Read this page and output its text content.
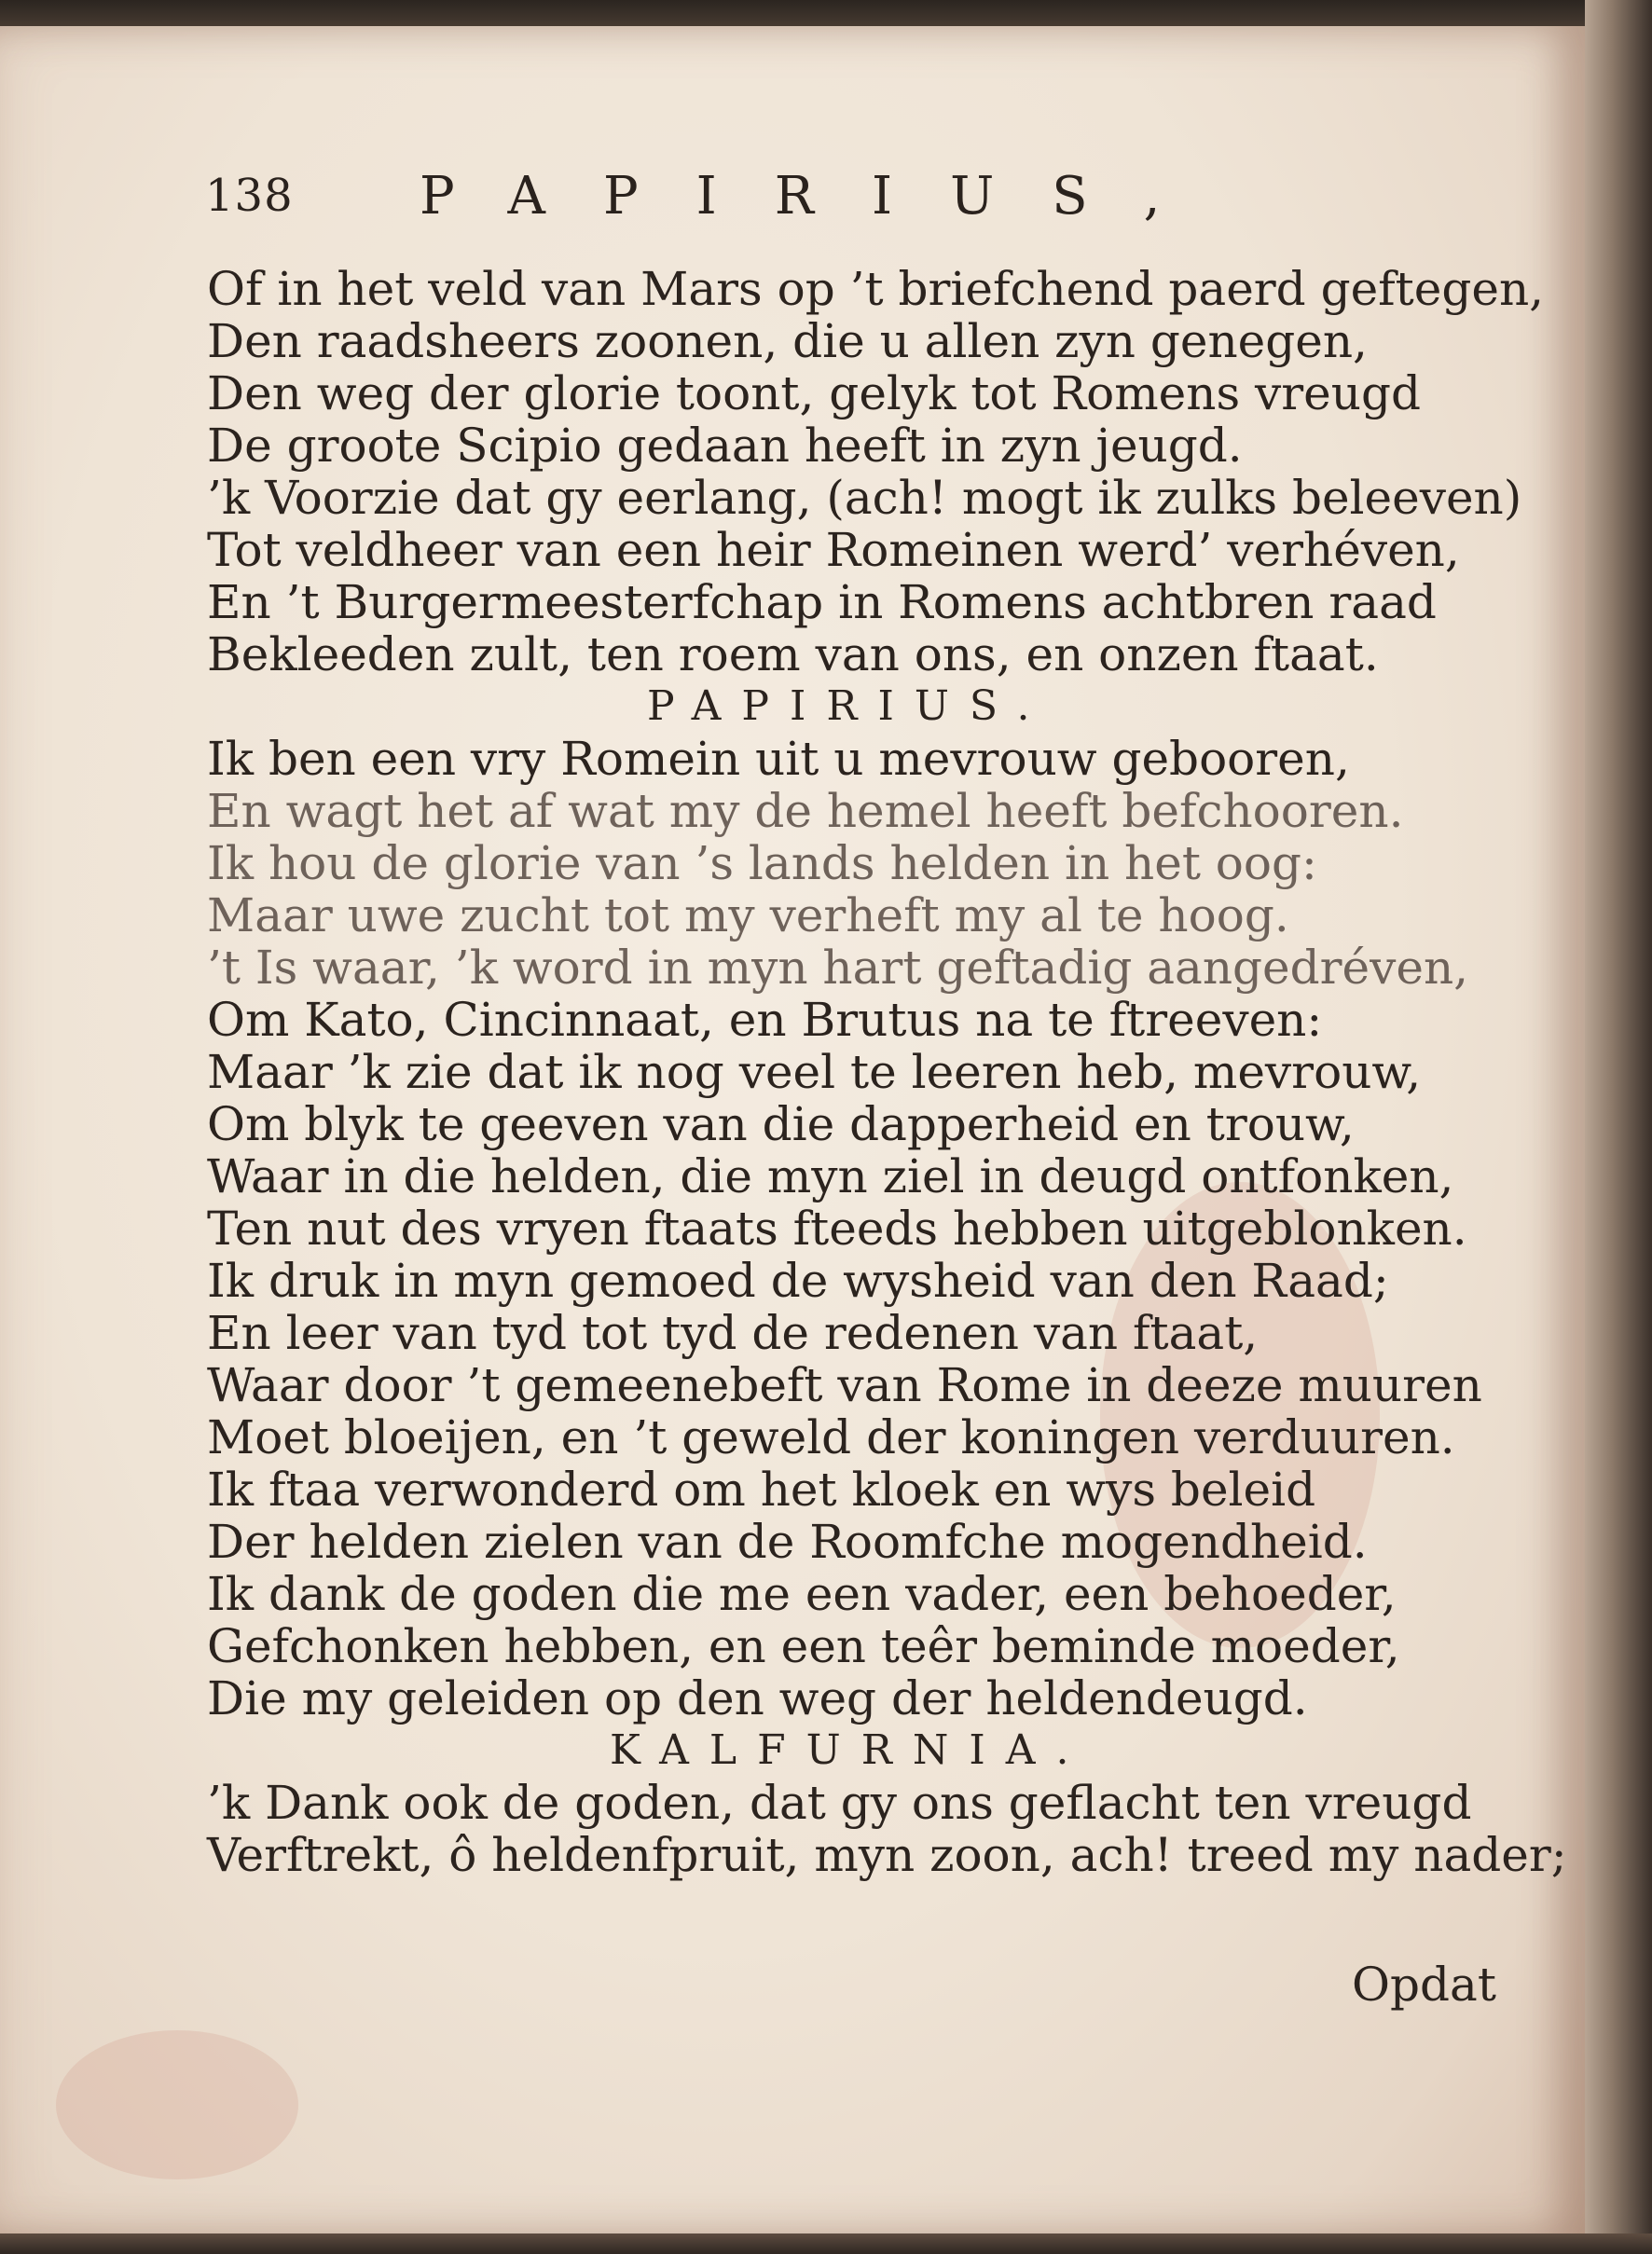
138 PAPIRIUS,
Of in het veld van Mars op ’t briefchend paerd geftegen,
Den raadsheers zoonen, die u allen zyn genegen,
Den weg der glorie toont, gelyk tot Romens vreugd
De groote Scipio gedaan heeft in zyn jeugd.
’k Voorzie dat gy eerlang, (ach! mogt ik zulks beleeven)
Tot veldheer van een heir Romeinen werd’ verhéven,
En ’t Burgermeesterfchap in Romens achtbren raad
Bekleeden zult, ten roem van ons, en onzen ftaat.
PAPIRIUS.
Ik ben een vry Romein uit u mevrouw gebooren,
En wagt het af wat my de hemel heeft befchooren.
Ik hou de glorie van ’s lands helden in het oog:
Maar uwe zucht tot my verheft my al te hoog.
’t Is waar, ’k word in myn hart geftadig aangedréven,
Om Kato, Cincinnaat, en Brutus na te ftreeven:
Maar ’k zie dat ik nog veel te leeren heb, mevrouw,
Om blyk te geeven van die dapperheid en trouw,
Waar in die helden, die myn ziel in deugd ontfonken,
Ten nut des vryen ftaats fteeds hebben uitgeblonken.
Ik druk in myn gemoed de wysheid van den Raad;
En leer van tyd tot tyd de redenen van ftaat,
Waar door ’t gemeenebeft van Rome in deeze muuren
Moet bloeijen, en ’t geweld der koningen verduuren.
Ik ftaa verwonderd om het kloek en wys beleid
Der helden zielen van de Roomfche mogendheid.
Ik dank de goden die me een vader, een behoeder,
Gefchonken hebben, en een teêr beminde moeder,
Die my geleiden op den weg der heldendeugd.
KALFURNIA.
’k Dank ook de goden, dat gy ons geflacht ten vreugd
Verftrekt, ô heldenfpruit, myn zoon, ach! treed my nader;
Opdat
